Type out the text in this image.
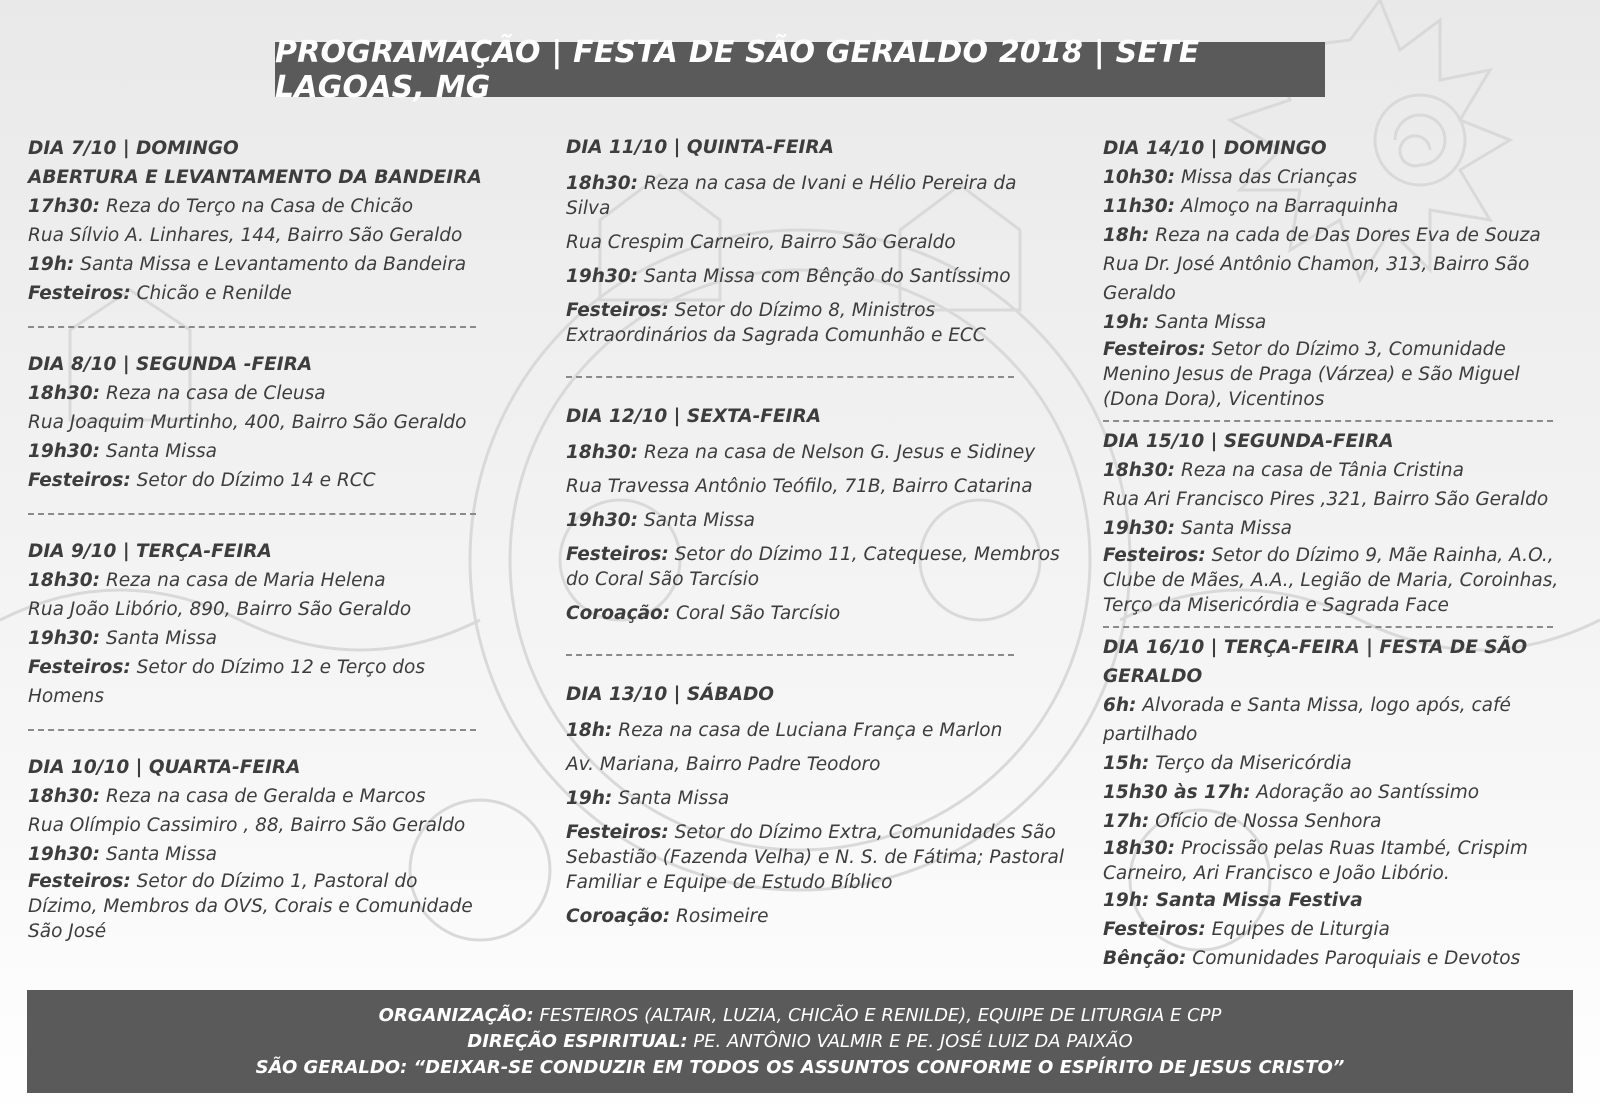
PROGRAMAÇÃO | FESTA DE SÃO GERALDO 2018 | SETE LAGOAS, MG
DIA 7/10 | DOMINGO
ABERTURA E LEVANTAMENTO DA BANDEIRA
17h30: Reza do Terço na Casa de Chicão
Rua Sílvio A. Linhares, 144, Bairro São Geraldo
19h: Santa Missa e Levantamento da Bandeira
Festeiros: Chicão e Renilde
DIA 8/10 | SEGUNDA -FEIRA
18h30: Reza na casa de Cleusa
Rua Joaquim Murtinho, 400, Bairro São Geraldo
19h30: Santa Missa
Festeiros: Setor do Dízimo 14 e RCC
DIA 9/10 | TERÇA-FEIRA
18h30: Reza na casa de Maria Helena
Rua João Libório, 890, Bairro São Geraldo
19h30: Santa Missa
Festeiros: Setor do Dízimo 12 e Terço dos Homens
DIA 10/10 | QUARTA-FEIRA
18h30: Reza na casa de Geralda e Marcos
Rua Olímpio Cassimiro , 88, Bairro São Geraldo
19h30: Santa Missa
Festeiros: Setor do Dízimo 1, Pastoral do Dízimo, Membros da OVS, Corais e Comunidade São José
DIA 11/10 | QUINTA-FEIRA
18h30: Reza na casa de Ivani e Hélio Pereira da Silva
Rua Crespim Carneiro, Bairro São Geraldo
19h30: Santa Missa com Bênção do Santíssimo
Festeiros: Setor do Dízimo 8, Ministros Extraordinários da Sagrada Comunhão e ECC
DIA 12/10 | SEXTA-FEIRA
18h30: Reza na casa de Nelson G. Jesus e Sidiney
Rua Travessa Antônio Teófilo, 71B, Bairro Catarina
19h30: Santa Missa
Festeiros: Setor do Dízimo 11, Catequese, Membros do Coral São Tarcísio
Coroação: Coral São Tarcísio
DIA 13/10 | SÁBADO
18h: Reza na casa de Luciana França e Marlon
Av. Mariana, Bairro Padre Teodoro
19h: Santa Missa
Festeiros: Setor do Dízimo Extra, Comunidades São Sebastião (Fazenda Velha) e N. S. de Fátima; Pastoral Familiar e Equipe de Estudo Bíblico
Coroação: Rosimeire
DIA 14/10 | DOMINGO
10h30: Missa das Crianças
11h30: Almoço na Barraquinha
18h: Reza na cada de Das Dores Eva de Souza
Rua Dr. José Antônio Chamon, 313, Bairro São Geraldo
19h: Santa Missa
Festeiros: Setor do Dízimo 3, Comunidade Menino Jesus de Praga (Várzea) e São Miguel (Dona Dora), Vicentinos
DIA 15/10 | SEGUNDA-FEIRA
18h30: Reza na casa de Tânia Cristina
Rua Ari Francisco Pires ,321, Bairro São Geraldo
19h30: Santa Missa
Festeiros: Setor do Dízimo 9, Mãe Rainha, A.O., Clube de Mães, A.A., Legião de Maria, Coroinhas, Terço da Misericórdia e Sagrada Face
DIA 16/10 | TERÇA-FEIRA | FESTA DE SÃO GERALDO
6h: Alvorada e Santa Missa, logo após, café partilhado
15h: Terço da Misericórdia
15h30 às 17h: Adoração ao Santíssimo
17h: Ofício de Nossa Senhora
18h30: Procissão pelas Ruas Itambé, Crispim Carneiro, Ari Francisco e João Libório.
19h: Santa Missa Festiva
Festeiros: Equipes de Liturgia
Bênção: Comunidades Paroquiais e Devotos
ORGANIZAÇÃO: FESTEIROS (ALTAIR, LUZIA, CHICÃO E RENILDE), EQUIPE DE LITURGIA E CPP
DIREÇÃO ESPIRITUAL: PE. ANTÔNIO VALMIR E PE. JOSÉ LUIZ DA PAIXÃO
SÃO GERALDO: “DEIXAR-SE CONDUZIR EM TODOS OS ASSUNTOS CONFORME O ESPÍRITO DE JESUS CRISTO”
